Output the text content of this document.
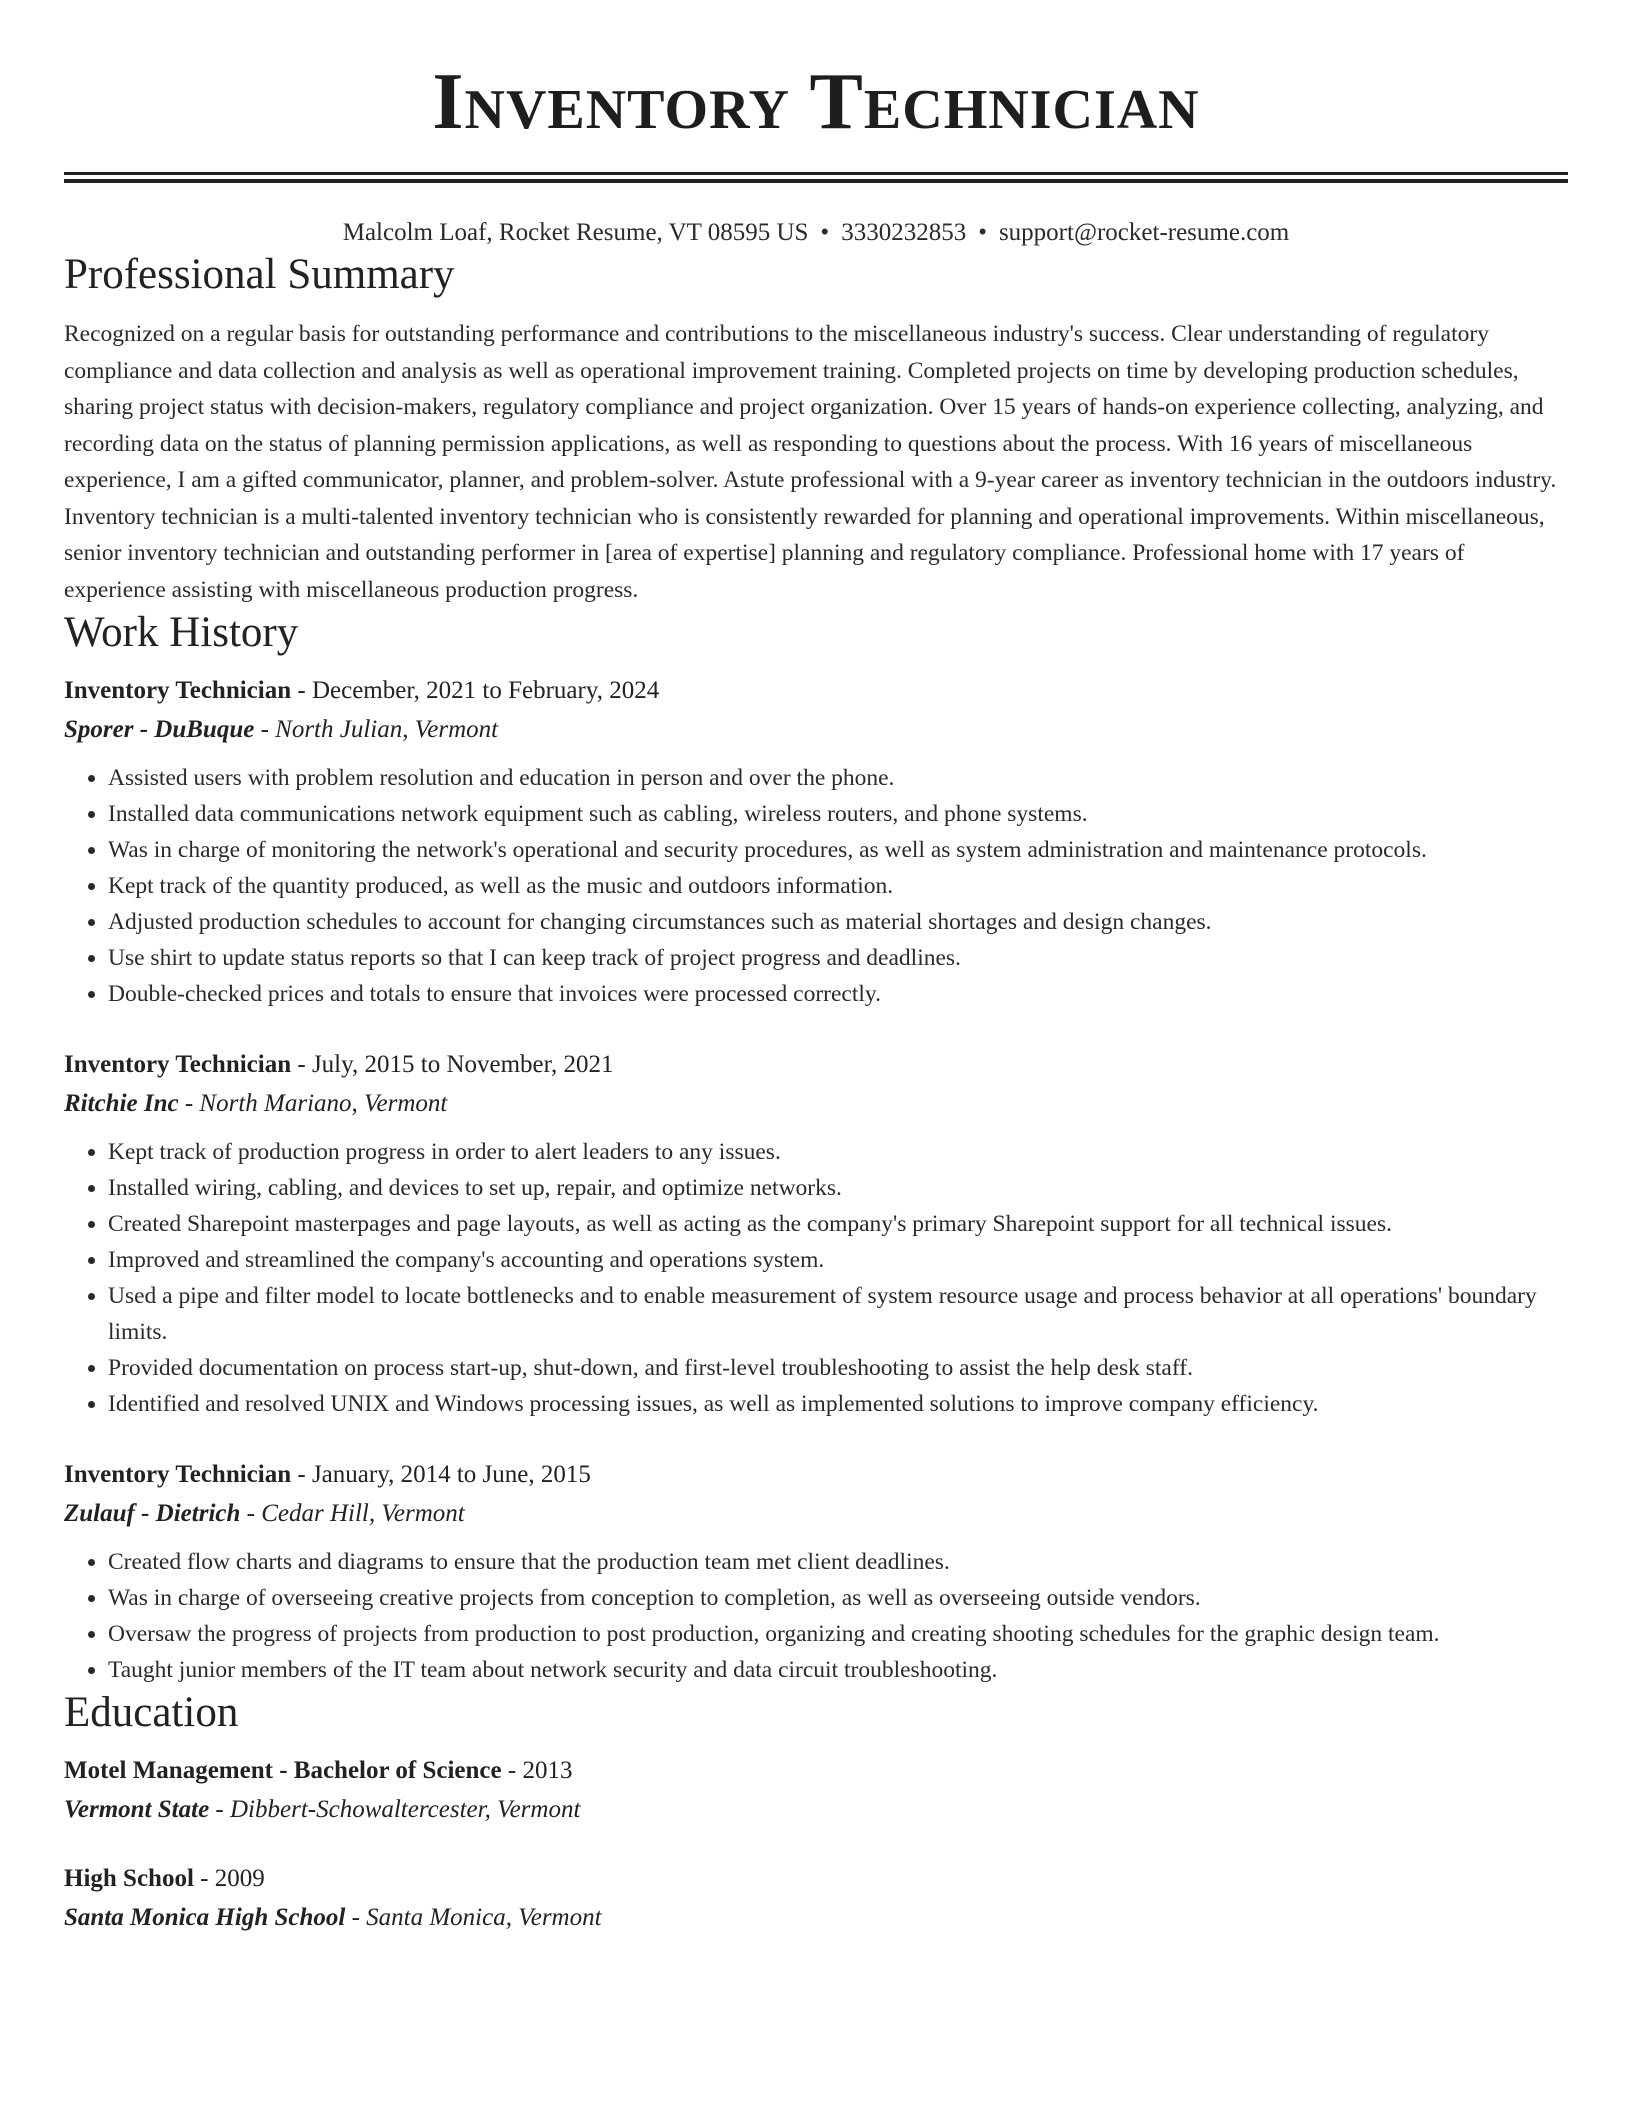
Inventory Technician
Malcolm Loaf, Rocket Resume, VT 08595 US • 3330232853 • support@rocket-resume.com
Professional Summary

Recognized on a regular basis for outstanding performance and contributions to the miscellaneous industry's success. Clear understanding of regulatory compliance and data collection and analysis as well as operational improvement training. Completed projects on time by developing production schedules, sharing project status with decision-makers, regulatory compliance and project organization. Over 15 years of hands-on experience collecting, analyzing, and recording data on the status of planning permission applications, as well as responding to questions about the process. With 16 years of miscellaneous experience, I am a gifted communicator, planner, and problem-solver. Astute professional with a 9-year career as inventory technician in the outdoors industry. Inventory technician is a multi-talented inventory technician who is consistently rewarded for planning and operational improvements. Within miscellaneous, senior inventory technician and outstanding performer in [area of expertise] planning and regulatory compliance. Professional home with 17 years of experience assisting with miscellaneous production progress.

Work History

Inventory Technician - December, 2021 to February, 2024

Sporer - DuBuque - North Julian, Vermont

• Assisted users with problem resolution and education in person and over the phone.
• Installed data communications network equipment such as cabling, wireless routers, and phone systems.
• Was in charge of monitoring the network's operational and security procedures, as well as system administration and maintenance protocols.
• Kept track of the quantity produced, as well as the music and outdoors information.
• Adjusted production schedules to account for changing circumstances such as material shortages and design changes.
• Use shirt to update status reports so that I can keep track of project progress and deadlines.
• Double-checked prices and totals to ensure that invoices were processed correctly.

Inventory Technician - July, 2015 to November, 2021

Ritchie Inc - North Mariano, Vermont

• Kept track of production progress in order to alert leaders to any issues.
• Installed wiring, cabling, and devices to set up, repair, and optimize networks.
• Created Sharepoint masterpages and page layouts, as well as acting as the company's primary Sharepoint support for all technical issues.
• Improved and streamlined the company's accounting and operations system.
• Used a pipe and filter model to locate bottlenecks and to enable measurement of system resource usage and process behavior at all operations' boundary limits.
• Provided documentation on process start-up, shut-down, and first-level troubleshooting to assist the help desk staff.
• Identified and resolved UNIX and Windows processing issues, as well as implemented solutions to improve company efficiency.

Inventory Technician - January, 2014 to June, 2015

Zulauf - Dietrich - Cedar Hill, Vermont

• Created flow charts and diagrams to ensure that the production team met client deadlines.
• Was in charge of overseeing creative projects from conception to completion, as well as overseeing outside vendors.
• Oversaw the progress of projects from production to post production, organizing and creating shooting schedules for the graphic design team.
• Taught junior members of the IT team about network security and data circuit troubleshooting.
Education

Motel Management - Bachelor of Science - 2013

Vermont State - Dibbert-Schowaltercester, Vermont

High School - 2009

Santa Monica High School - Santa Monica, Vermont
